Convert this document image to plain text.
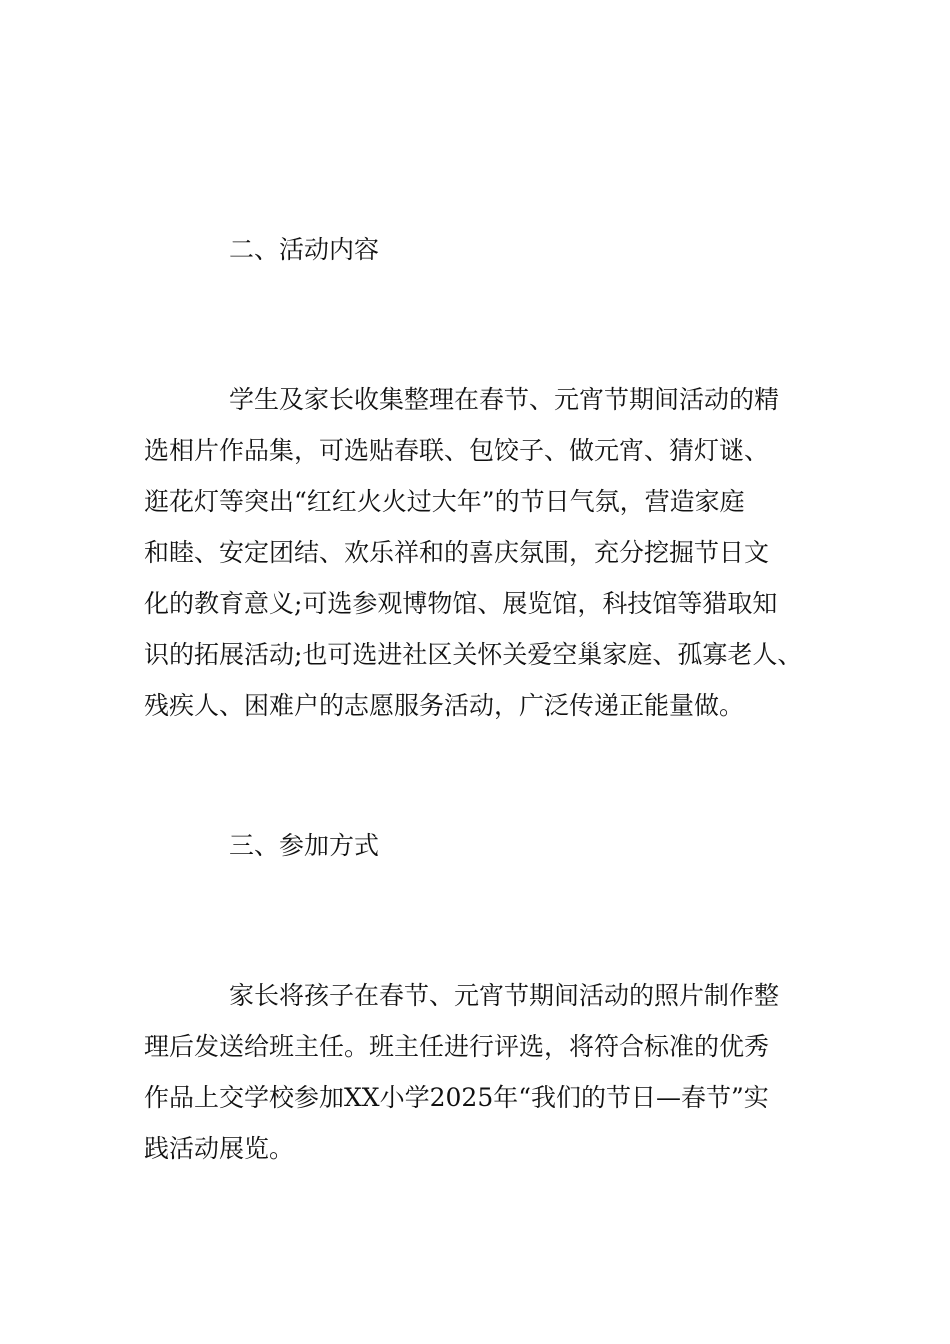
二、活动内容
学生及家长收集整理在春节、元宵节期间活动的精
选相片作品集，可选贴春联、包饺子、做元宵、猜灯谜、
逛花灯等突出“红红火火过大年”的节日气氛，营造家庭
和睦、安定团结、欢乐祥和的喜庆氛围，充分挖掘节日文
化的教育意义;可选参观博物馆、展览馆，科技馆等猎取知
识的拓展活动;也可选进社区关怀关爱空巢家庭、孤寡老人、
残疾人、困难户的志愿服务活动，广泛传递正能量做。
三、参加方式
家长将孩子在春节、元宵节期间活动的照片制作整
理后发送给班主任。班主任进行评选，将符合标准的优秀
作品上交学校参加XX小学2025年“我们的节日—春节”实
践活动展览。
